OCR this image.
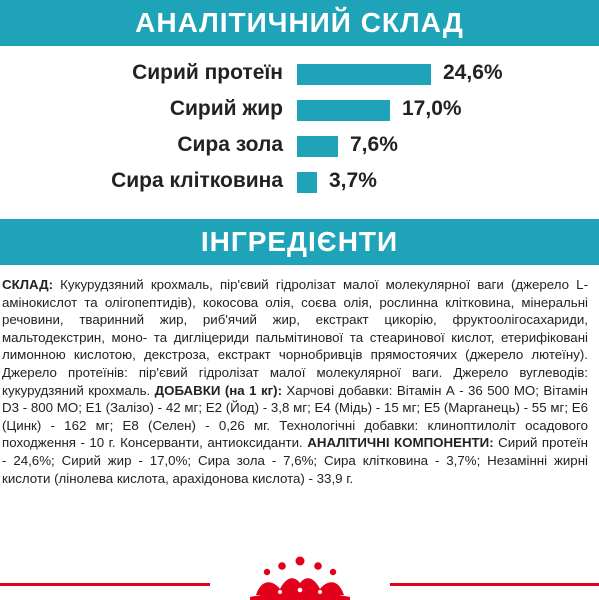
АНАЛІТИЧНИЙ СКЛАД
Сирий протеїн	24,6%
Сирий жир	17,0%
Сира зола	7,6%
Сира клітковина 3,7%
ІНГРЕДІЄНТИ
СКЛАД: Кукурудзяний крохмаль, пір'євий гідролізат малої молекулярної ваги (джерело L-амінокислот та олігопептидів), кокосова олія, соєва олія, рослинна клітковина, мінеральні речовини, тваринний жир, риб'ячий жир, екстракт цикорію, фруктоолігосахариди, мальтодекстрин, моно- та дигліцериди пальмітинової та стеаринової кислот, етерифіковані лимонною кислотою, декстроза, екстракт чорнобривців прямостоячих (джерело лютеїну). Джерело протеїнів: пір'євий гідролізат малої молекулярної ваги. Джерело вуглеводів: кукурудзяний крохмаль. ДОБАВКИ (на 1 кг): Харчові добавки: Вітамін А - 36 500 МО; Вітамін D3 - 800 МО; Е1 (Залізо) - 42 мг; Е2 (Йод) - 3,8 мг; Е4 (Мідь) - 15 мг; Е5 (Марганець) - 55 мг; Е6 (Цинк) - 162 мг; Е8 (Селен) - 0,26 мг. Технологічні добавки: клиноптилоліт осадового походження - 10 г. Консерванти, антиоксиданти. АНАЛІТИЧНІ КОМПОНЕНТИ: Сирий протеїн - 24,6%; Сирий жир - 17,0%; Сира зола - 7,6%; Сира клітковина - 3,7%; Незамінні жирні кислоти (лінолева кислота, арахідонова кислота) - 33,9 г.
